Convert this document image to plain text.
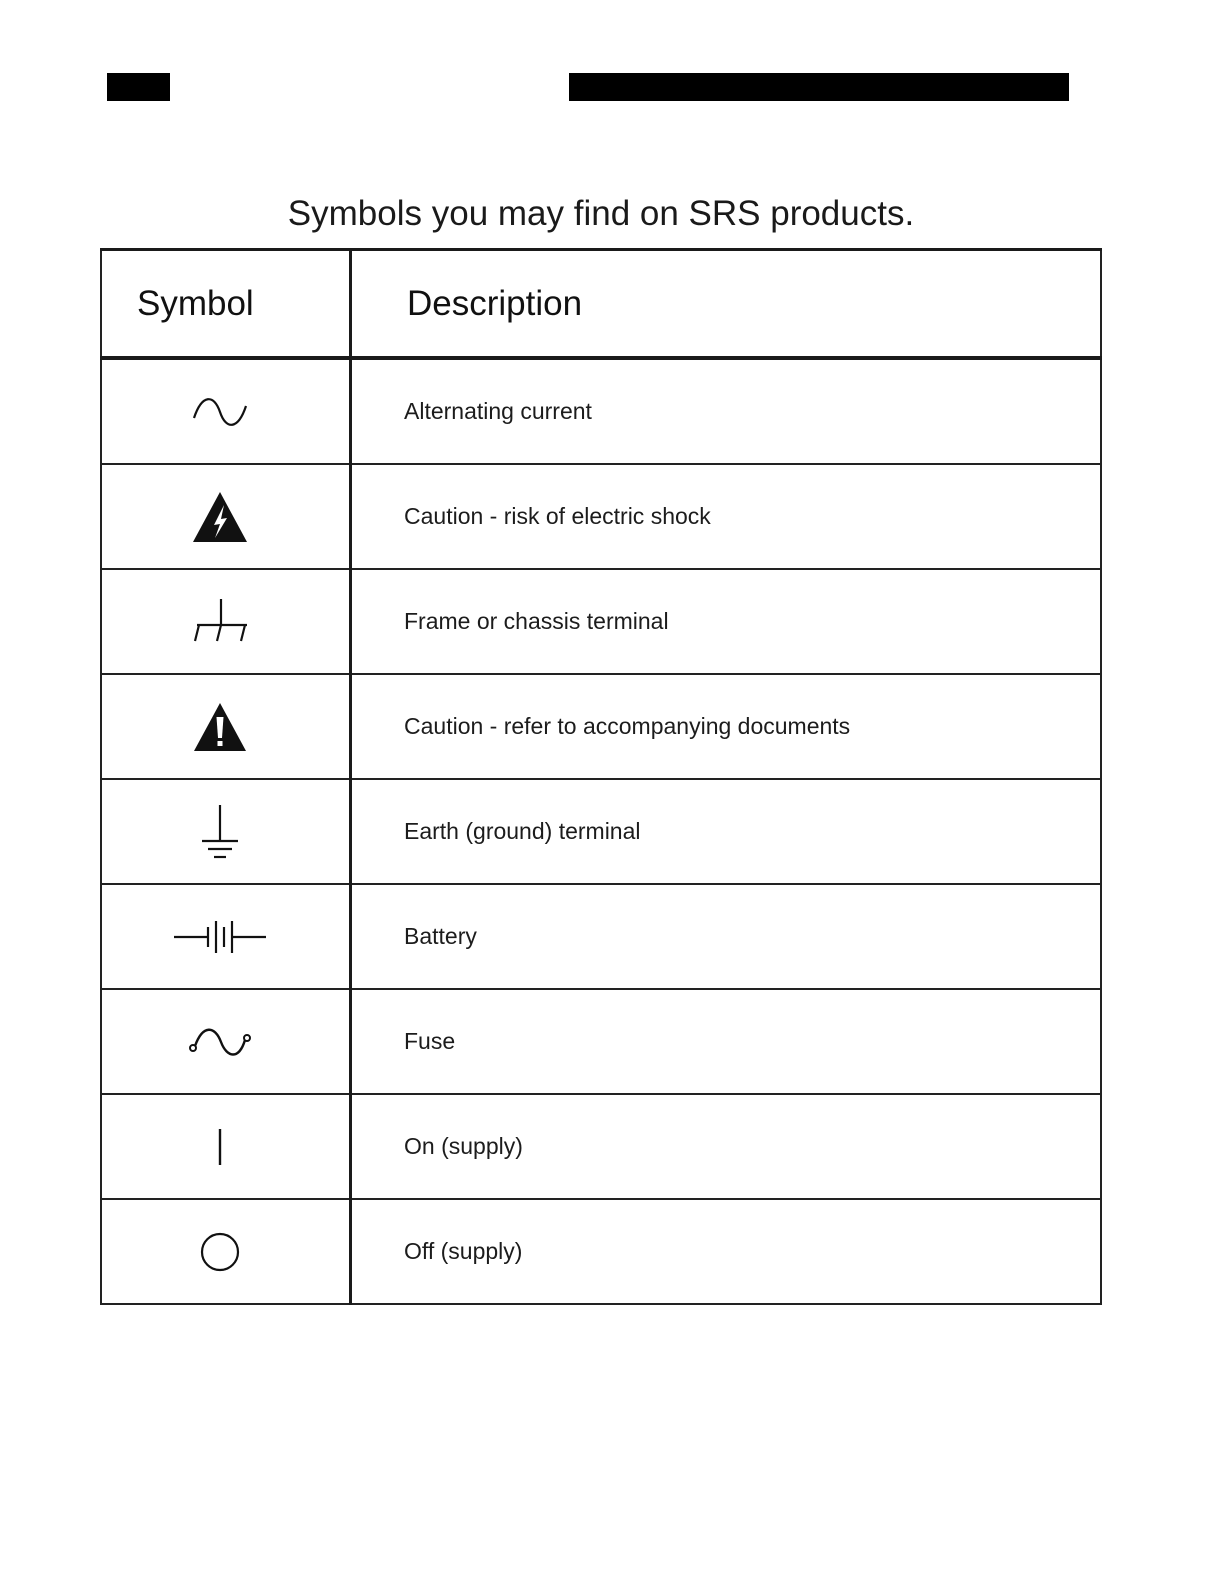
Symbols you may find on SRS products.
Symbol	Description

	Alternating current

	Caution - risk of electric shock

	Frame or chassis terminal

	Caution - refer to accompanying documents

	Earth (ground) terminal

	Battery

	Fuse

	On (supply)

	Off (supply)
